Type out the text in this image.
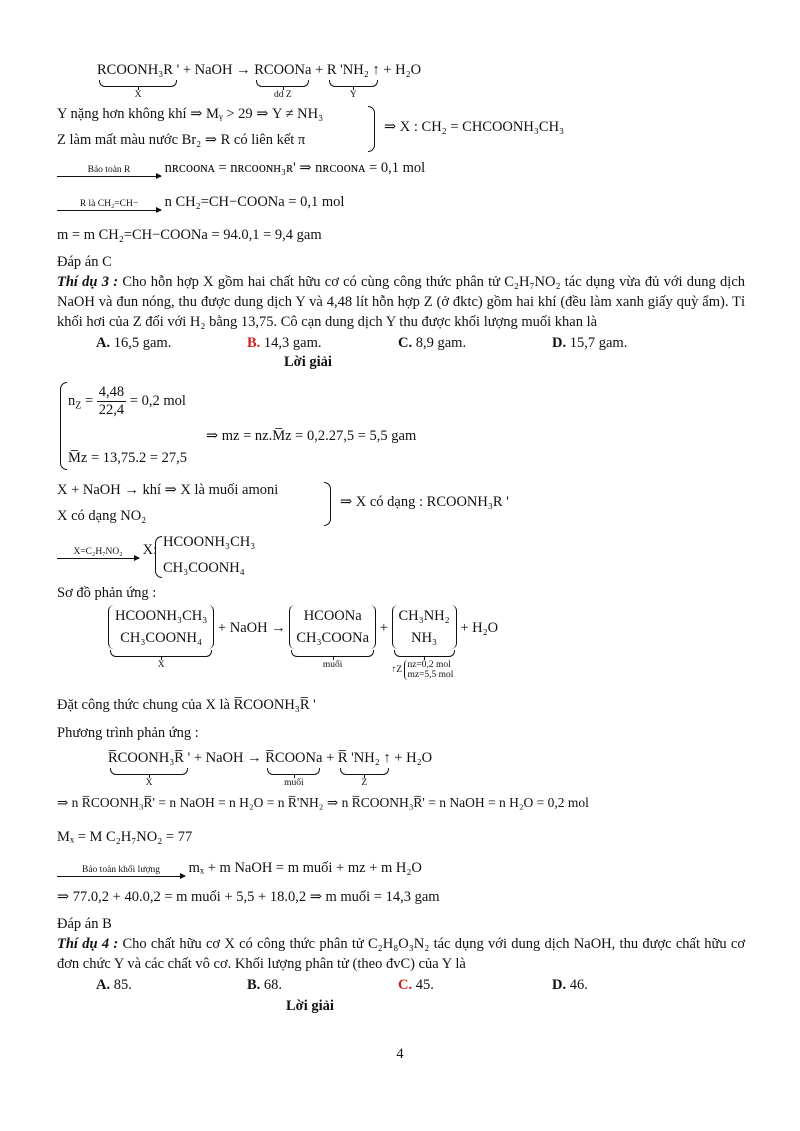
RCOONH₃R '
X
+ NaOH → RCOONa
dd Z
+ R 'NH₂ ↑
Y
+ H₂O
Y nặng hơn không khí ⇒ Mᵧ > 29 ⇒ Y ≠ NH₃
Z làm mất màu nước Br₂ ⇒ R có liên kết π
⇒ X : CH₂ = CHCOONH₃CH₃
Bảo toàn R	nʀᴄᴏᴏɴᴀ = nʀᴄᴏᴏɴʜ₃ʀ' ⇒ nʀᴄᴏᴏɴᴀ = 0,1 mol
R là CH₂=CH−	n CH₂=CH−COONa = 0,1 mol
m = m CH₂=CH−COONa = 94.0,1 = 9,4 gam
Đáp án C
Thí dụ 3 : Cho hỗn hợp X gồm hai chất hữu cơ có cùng công thức phân tử C₂H₇NO₂ tác dụng vừa đủ với dung dịch NaOH và đun nóng, thu được dung dịch Y và 4,48 lít hỗn hợp Z (ở đktc) gồm hai khí (đều làm xanh giấy quỳ ẩm). Tỉ khối hơi của Z đối với H₂ bằng 13,75. Cô cạn dung dịch Y thu được khối lượng muối khan là
A. 16,5 gam.	B. 14,3 gam.	C. 8,9 gam.	D. 15,7 gam.
Lời giải
$n_Z = \frac{4,48}{22,4} = 0,2$ mol
M̅ᴢ = 13,75.2 = 27,5
⇒ mᴢ = nᴢ.M̅ᴢ = 0,2.27,5 = 5,5 gam
X + NaOH → khí ⇒ X là muối amoni
X có dạng NO₂
⇒ X có dạng : RCOONH₃R '
X=C₂H₇NO₂	X: HCOONH₃CH₃
CH₃COONH₄
Sơ đồ phản ứng :
HCOONH₃CH₃
CH₃COONH₄
X
+ NaOH →
HCOONa
CH₃COONa
muối
+
CH₃NH₂
NH₃
↑Z nᴢ=0,2 mol
mᴢ=5,5 mol
+ H₂O
Đặt công thức chung của X là R̅COONH₃R̅ '
Phương trình phản ứng :
R̅COONH₃R̅ '
X
+ NaOH → R̅COONa
muối
+ R̅ 'NH₂ ↑
Z
+ H₂O
⇒ n R̅COONH₃R̅' = n NaOH = n H₂O = n R̅'NH₂ ⇒ n R̅COONH₃R̅' = n NaOH = n H₂O = 0,2 mol
Mₓ = M C₂H₇NO₂ = 77
Bảo toàn khối lượng	mₓ + m NaOH = m muối + mᴢ + m H₂O
⇒ 77.0,2 + 40.0,2 = m muối + 5,5 + 18.0,2 ⇒ m muối = 14,3 gam
Đáp án B
Thí dụ 4 : Cho chất hữu cơ X có công thức phân tử C₂H₈O₃N₂ tác dụng với dung dịch NaOH, thu được chất hữu cơ đơn chức Y và các chất vô cơ. Khối lượng phân tử (theo đvC) của Y là
A. 85.	B. 68.	C. 45.	D. 46.
Lời giải
4
